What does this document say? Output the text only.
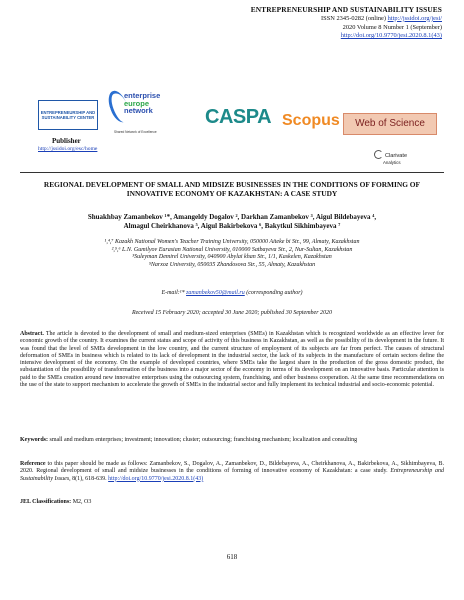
ENTREPRENEURSHIP AND SUSTAINABILITY ISSUES
ISSN 2345-0282 (online) http://jssidoi.org/jesi/
2020 Volume 8 Number 1 (September)
http://doi.org/10.9770/jesi.2020.8.1(43)
ENTREPRENEURSHIP AND SUSTAINABILITY CENTER
Publisher
http://jssidoi.org/esc/home
enterprise
europe
network
Shared Network of Excellence
CASPA Scopus	Web of Science
Clarivate
Analytics
REGIONAL DEVELOPMENT OF SMALL AND MIDSIZE BUSINESSES IN THE CONDITIONS OF FORMING OF INNOVATIVE ECONOMY OF KAZAKHSTAN: A CASE STUDY
Shuakhbay Zamanbekov ¹*, Amangeldy Dogalov ², Darkhan Zamanbekov ³, Aigul Bildebayeva ⁴,
Almagul Cheirkhanova ⁵, Aigul Bakirbekova ⁶, Bakytkul Sikhimbayeva ⁷
¹,⁴,⁷ Kazakh National Women's Teacher Training University, 050000 Aiteke bi Str., 99, Almaty, Kazakhstan
²,⁵,⁶ L.N. Gumilyov Eurasian National University, 010000 Satbayeva Str., 2, Nur-Sultan, Kazakhstan
³Suleyman Demirel University, 040900 Abylai khan Str., 1/1, Kaskelen, Kazakhstan
⁵Narxoz University, 050035 Zhandosova Str., 55, Almaty, Kazakhstan
E-mail:¹* zamanbekov50@mail.ru (corresponding author)
Received 15 February 2020; accepted 30 June 2020; published 30 September 2020
Abstract. The article is devoted to the development of small and medium-sized enterprises (SMEs) in Kazakhstan which is recognized worldwide as an effective lever for economic growth of the country. It examines the current status and scope of activity of this business in Kazakhstan, as well as the possibility of its development in the future. It was found that the level of SMEs development in the low country, and the current structure of employment of its subjects are far from perfect. The causes of structural deformation of SMEs in business which is related to its lack of development in the industrial sector, the lack of its subjects in the manufacture of certain sectors define the intensive development of the economy. On the example of developed countries, where SMEs take the largest share in the production of the gross domestic product, the substantiation of the possibility of transformation of the business into a major sector of the economy in terms of its development on an innovative basis. Particular attention is paid to the SMEs creation around new innovative enterprises using the outsourcing system, franchising, and other business cooperation. At the same time recommendations on the use of the state to support mechanism to accelerate the growth of SMEs in the industrial sector and fully implement its technical industrial and socio-economic potential.
Keywords: small and medium enterprises; investment; innovation; cluster; outsourcing; franchising mechanism; localization and consulting
Reference to this paper should be made as follows: Zamanbekov, S., Dogalov, A., Zamanbekov, D., Bildebayeva, A., Cheirkhanova, A., Bakirbekova, A., Sikhimbayeva, B. 2020. Regional development of small and midsize businesses in the conditions of forming of innovative economy of Kazakhstan: a case study. Entrepreneurship and Sustainability Issues, 8(1), 618-639. http://doi.org/10.9770/jesi.2020.8.1(43)
JEL Classifications: M2, O3
618
